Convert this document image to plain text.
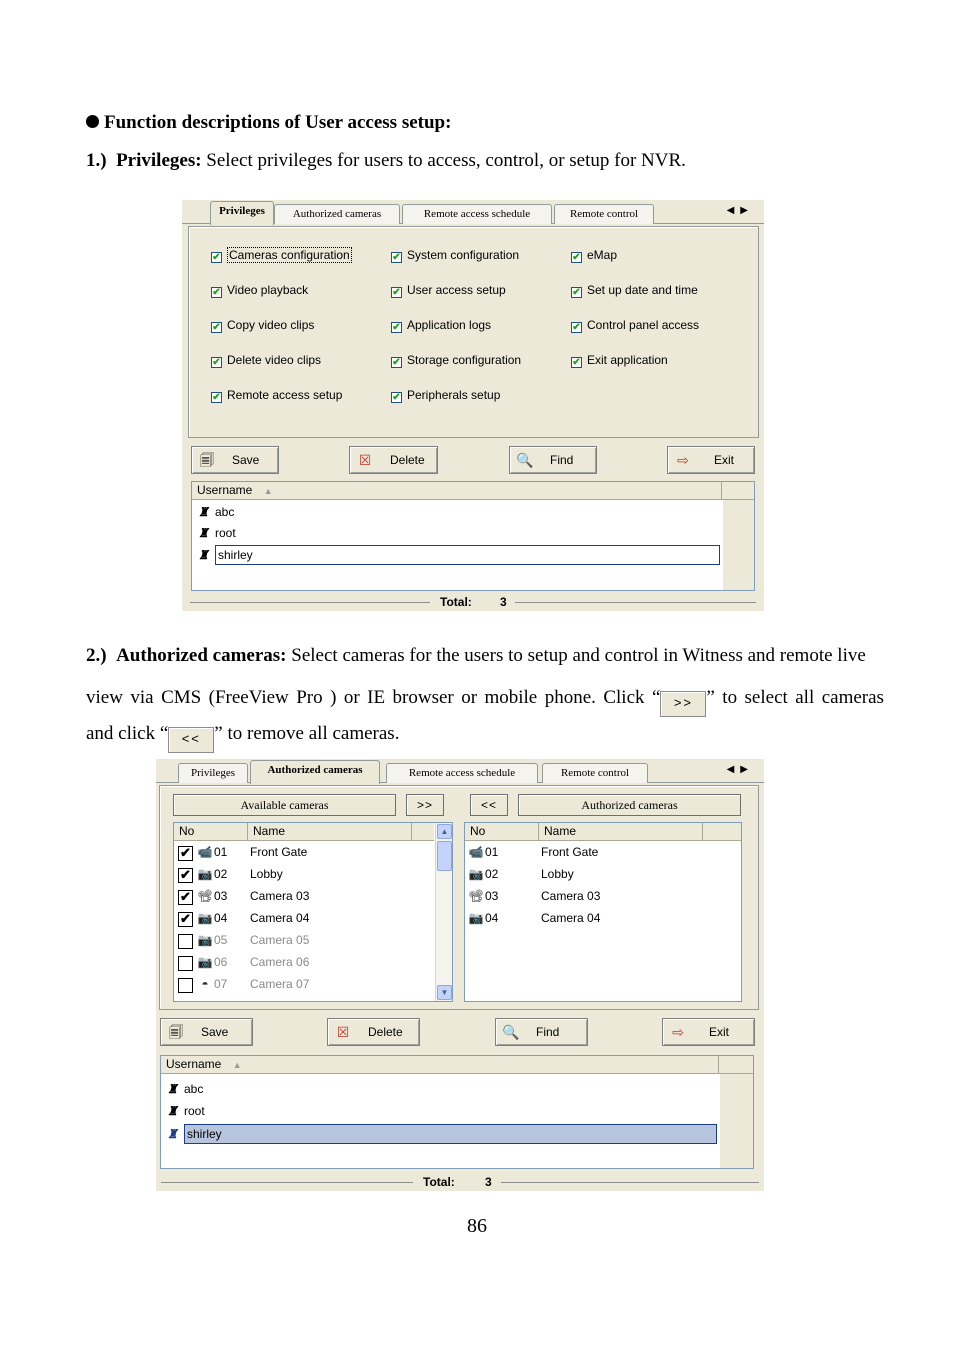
Function descriptions of User access setup:
1.) Privileges: Select privileges for users to access, control, or setup for NVR.
Privileges	Authorized cameras	Remote access schedule	Remote control	◀▶
✔ Cameras configuration	✔ System configuration	✔ eMap
✔ Video playback	✔ User access setup	✔ Set up date and time
✔ Copy video clips	✔ Application logs	✔ Control panel access
✔ Delete video clips	✔ Storage configuration	✔ Exit application
✔ Remote access setup	✔ Peripherals setup
🗐 Save	☒ Delete	🔍 Find	⇨ Exit
Username ▲
♜ abc
♜ root
♜ shirley
Total: 3
2.) Authorized cameras: Select cameras for the users to setup and control in Witness and remote live
view via CMS (FreeView Pro ) or IE browser or mobile phone. Click “ >> ” to select all cameras
and click “ << ” to remove all cameras.
Privileges	Authorized cameras	Remote access schedule	Remote control	◀▶
Available cameras	>>	<<	Authorized cameras
No	Name	▲
▼
✔ 📹 01 Front Gate
✔ 📷 02 Lobby
✔ 📽03 Camera 03
✔ 📷 04 Camera 04
📷 05 Camera 05
📷 06 Camera 06
◓ 07 Camera 07
No	Name
📹 01	Front Gate
📷 02	Lobby
📽03	Camera 03
📷 04	Camera 04
🗐 Save	☒ Delete	🔍 Find	⇨ Exit
Username ▲
♜ abc
♜ root
♜ shirley
Total:	3
86
